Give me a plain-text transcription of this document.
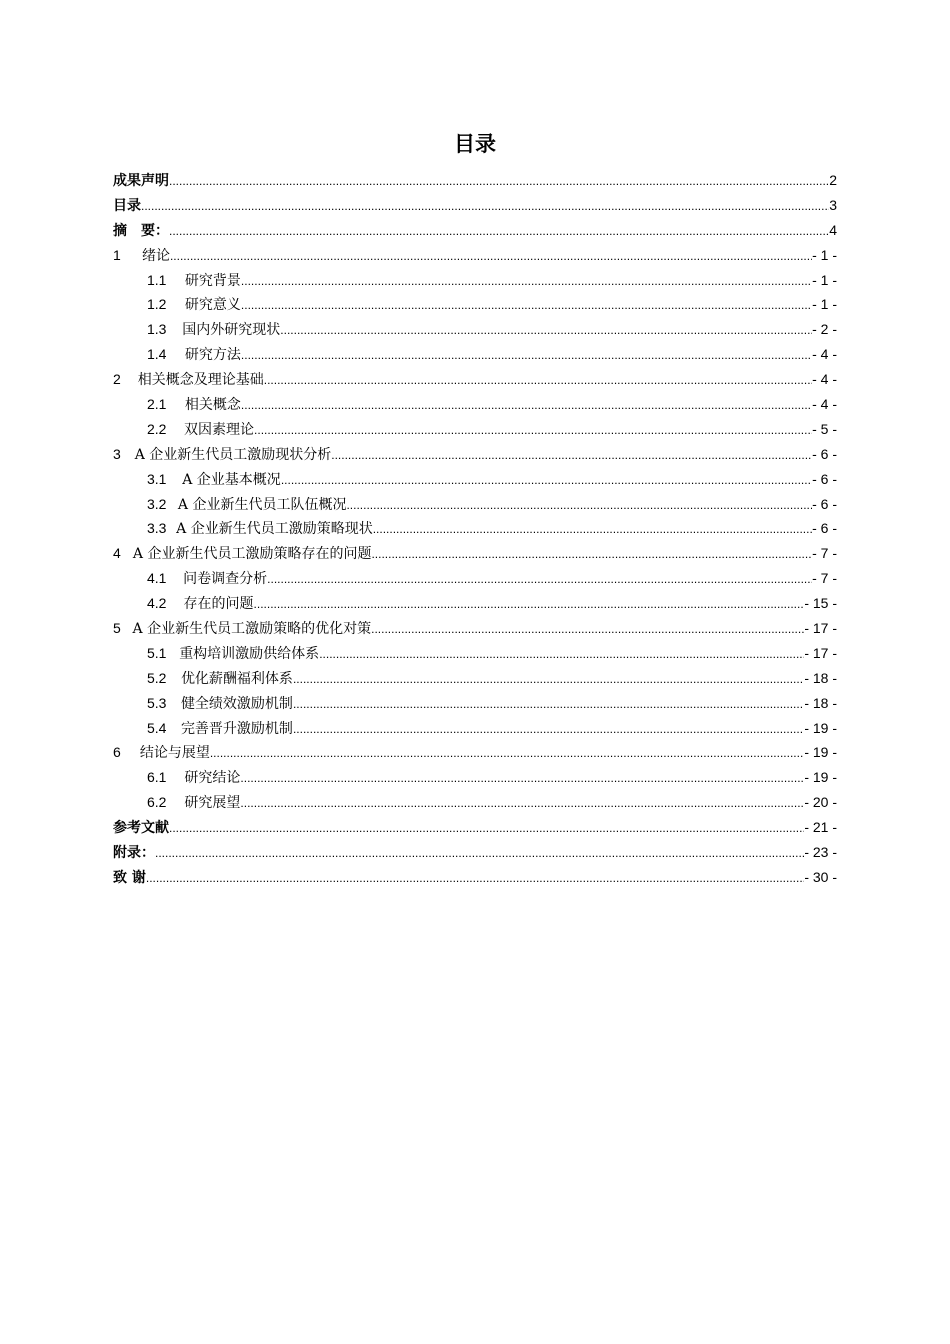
目录
成果声明 .....	2
目录 .....	3
摘　要： .....	4
1	绪论 .....	- 1 -
1.1	研究背景 .....	- 1 -
1.2	研究意义 .....	- 1 -
1.3	国内外研究现状 .....	- 2 -
1.4	研究方法 .....	- 4 -
2	相关概念及理论基础 .....	- 4 -
2.1	相关概念 .....	- 4 -
2.2	双因素理论 .....	- 5 -
3 A 企业新生代员工激励现状分析 .....	- 6 -
3.1	A 企业基本概况 .....	- 6 -
3.2 A 企业新生代员工队伍概况 .....	- 6 -
3.3 A 企业新生代员工激励策略现状 .....	- 6 -
4 A 企业新生代员工激励策略存在的问题 .....	- 7 -
4.1	问卷调查分析 .....	- 7 -
4.2	存在的问题 .....	- 15 -
5 A 企业新生代员工激励策略的优化对策 .....	- 17 -
5.1 重构培训激励供给体系 .....	- 17 -
5.2	优化薪酬福利体系 .....	- 18 -
5.3	健全绩效激励机制 .....	- 18 -
5.4	完善晋升激励机制 .....	- 19 -
6	结论与展望 .....	- 19 -
6.1	研究结论 .....	- 19 -
6.2	研究展望 .....	- 20 -
参考文献 .....	- 21 -
附录： .....	- 23 -
致 谢 .....	- 30 -
